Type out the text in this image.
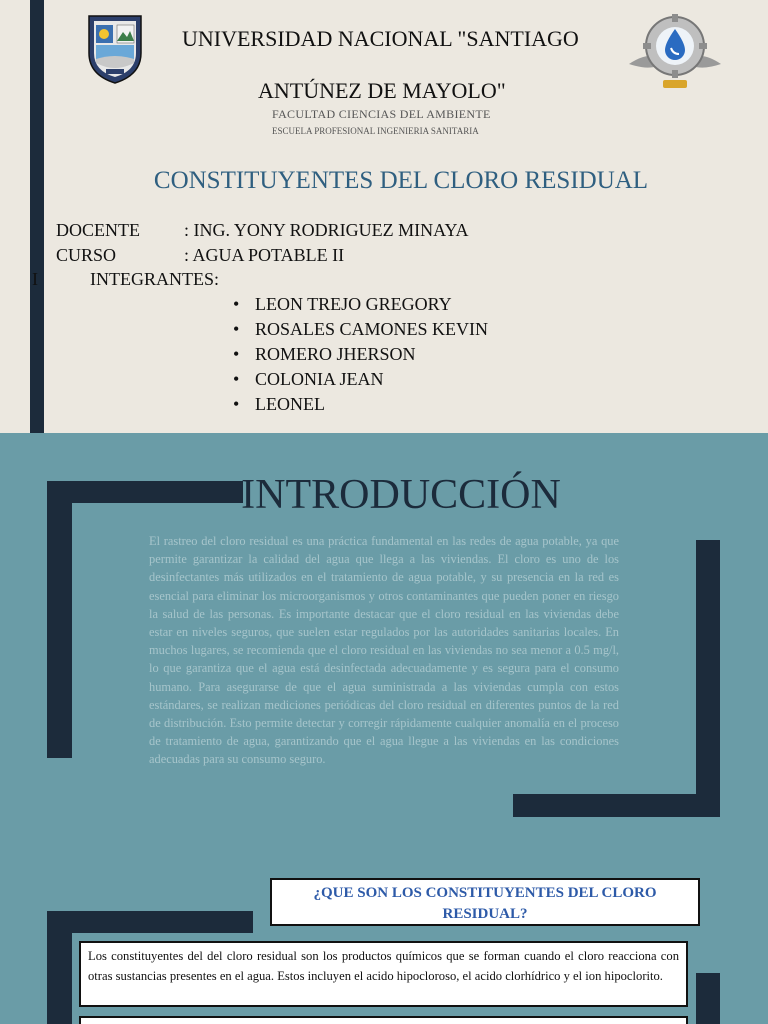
UNIVERSIDAD NACIONAL "SANTIAGO
ANTÚNEZ DE MAYOLO"
FACULTAD CIENCIAS DEL AMBIENTE
ESCUELA PROFESIONAL INGENIERIA SANITARIA
CONSTITUYENTES DEL CLORO RESIDUAL
DOCENTE : ING. YONY RODRIGUEZ MINAYA
CURSO	: AGUA POTABLE II
I	INTEGRANTES:
• LEON TREJO GREGORY
• ROSALES CAMONES KEVIN
• ROMERO JHERSON
• COLONIA JEAN
• LEONEL
INTRODUCCIÓN

El rastreo del cloro residual es una práctica fundamental en las redes de agua potable, ya que permite garantizar la calidad del agua que llega a las viviendas. El cloro es uno de los desinfectantes más utilizados en el tratamiento de agua potable, y su presencia en la red es esencial para eliminar los microorganismos y otros contaminantes que pueden poner en riesgo la salud de las personas. Es importante destacar que el cloro residual en las viviendas debe estar en niveles seguros, que suelen estar regulados por las autoridades sanitarias locales. En muchos lugares, se recomienda que el cloro residual en las viviendas no sea menor a 0.5 mg/l, lo que garantiza que el agua está desinfectada adecuadamente y es segura para el consumo humano. Para asegurarse de que el agua suministrada a las viviendas cumpla con estos estándares, se realizan mediciones periódicas del cloro residual en diferentes puntos de la red de distribución. Esto permite detectar y corregir rápidamente cualquier anomalía en el proceso de tratamiento de agua, garantizando que el agua llegue a las viviendas en las condiciones adecuadas para su consumo seguro.

¿QUE SON LOS CONSTITUYENTES DEL CLORO RESIDUAL?

Los constituyentes del del cloro residual son los productos químicos que se forman cuando el cloro reacciona con otras sustancias presentes en el agua. Estos incluyen el acido hipocloroso, el acido clorhídrico y el ion hipoclorito.
